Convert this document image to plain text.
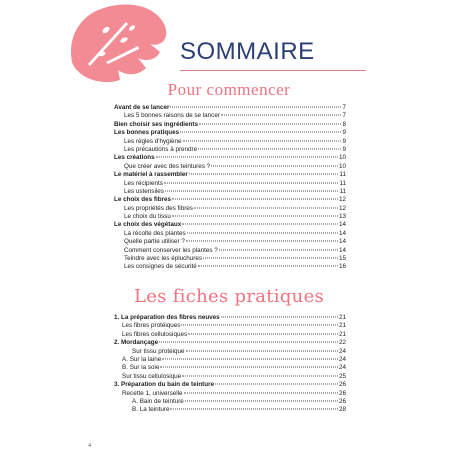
SOMMAIRE
Pour commencer
Avant de se lancer	7
Les 5 bonnes raisons de se lancer	7
Bien choisir ses ingrédients	8
Les bonnes pratiques	9
Les règles d'hygiène	9
Les précautions à prendre	9
Les créations	10
Que créer avec des teintures ?	10
Le matériel à rassembler	11
Les récipients	11
Les ustensiles	11
Le choix des fibres	12
Les propriétés des fibres	12
Le choix du tissu	13
Le choix des végétaux	14
La récolte des plantes	14
Quelle partie utiliser ?	14
Comment conserver les plantes ?	14
Teindre avec les épluchures	15
Les consignes de sécurité	16
Les fiches pratiques
1. La préparation des fibres neuves	21
Les fibres protéiques	21
Les fibres cellulosiques	21
2. Mordançage	22
Sur tissu protéique	24
A. Sur la laine	24
B. Sur la soie	24
Sur tissu cellulosique	25
3. Préparation du bain de teinture	26
Recette 1, universelle	26
A. Bain de teinture	26
B. La teinture	28
4
